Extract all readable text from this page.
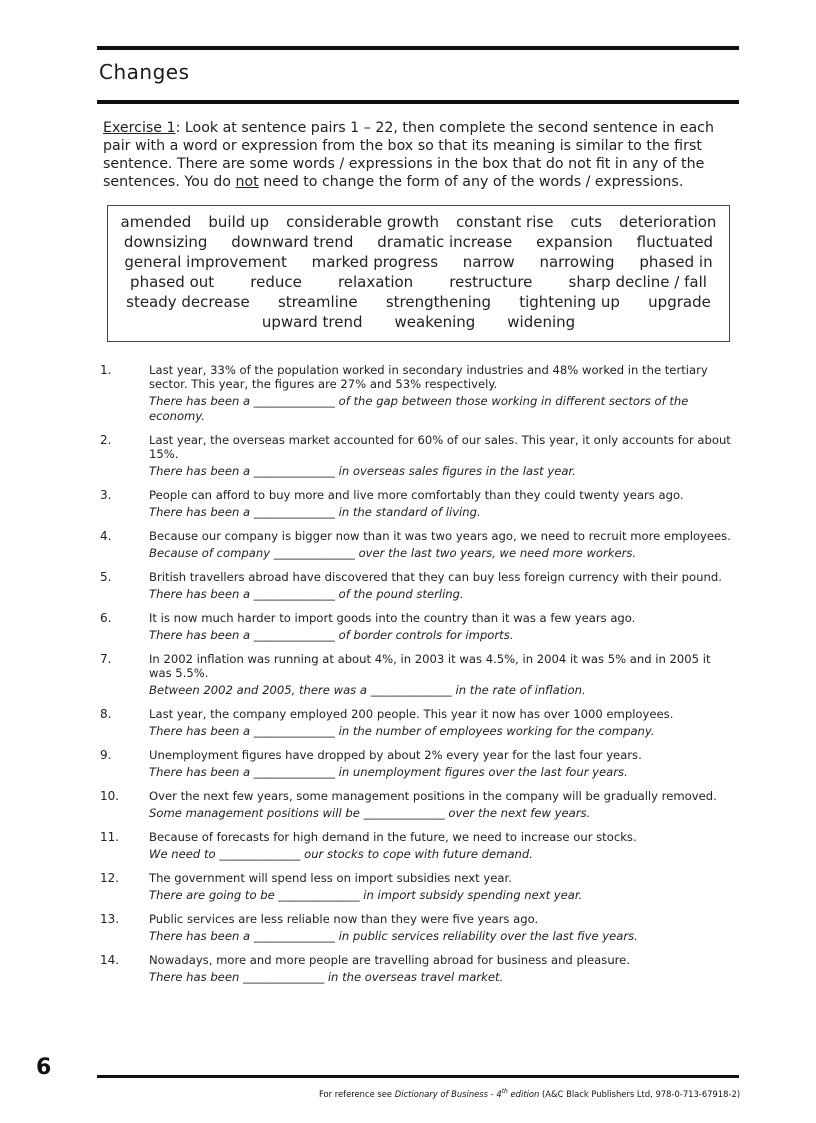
Changes
Exercise 1: Look at sentence pairs 1 – 22, then complete the second sentence in each pair with a word or expression from the box so that its meaning is similar to the first sentence. There are some words / expressions in the box that do not fit in any of the sentences. You do not need to change the form of any of the words / expressions.
amended build up considerable growth constant rise cuts deterioration
downsizing downward trend dramatic increase expansion fluctuated
general improvement marked progress narrow narrowing phased in
phased out reduce relaxation restructure sharp decline / fall
steady decrease streamline strengthening tightening up upgrade
upward trend weakening widening
1.	Last year, 33% of the population worked in secondary industries and 48% worked in the tertiary sector. This year, the figures are 27% and 53% respectively.
There has been a ______________ of the gap between those working in different sectors of the economy.
2.	Last year, the overseas market accounted for 60% of our sales. This year, it only accounts for about 15%.
There has been a ______________ in overseas sales figures in the last year.
3.	People can afford to buy more and live more comfortably than they could twenty years ago.
There has been a ______________ in the standard of living.
4.	Because our company is bigger now than it was two years ago, we need to recruit more employees.
Because of company ______________ over the last two years, we need more workers.
5.	British travellers abroad have discovered that they can buy less foreign currency with their pound.
There has been a ______________ of the pound sterling.
6.	It is now much harder to import goods into the country than it was a few years ago.
There has been a ______________ of border controls for imports.
7.	In 2002 inflation was running at about 4%, in 2003 it was 4.5%, in 2004 it was 5% and in 2005 it was 5.5%.
Between 2002 and 2005, there was a ______________ in the rate of inflation.
8.	Last year, the company employed 200 people. This year it now has over 1000 employees.
There has been a ______________ in the number of employees working for the company.
9.	Unemployment figures have dropped by about 2% every year for the last four years.
There has been a ______________ in unemployment figures over the last four years.
10.	Over the next few years, some management positions in the company will be gradually removed.
Some management positions will be ______________ over the next few years.
11.	Because of forecasts for high demand in the future, we need to increase our stocks.
We need to ______________ our stocks to cope with future demand.
12.	The government will spend less on import subsidies next year.
There are going to be ______________ in import subsidy spending next year.
13.	Public services are less reliable now than they were five years ago.
There has been a ______________ in public services reliability over the last five years.
14.	Nowadays, more and more people are travelling abroad for business and pleasure.
There has been ______________ in the overseas travel market.
6
For reference see Dictionary of Business - 4th edition (A&C Black Publishers Ltd, 978-0-713-67918-2)
